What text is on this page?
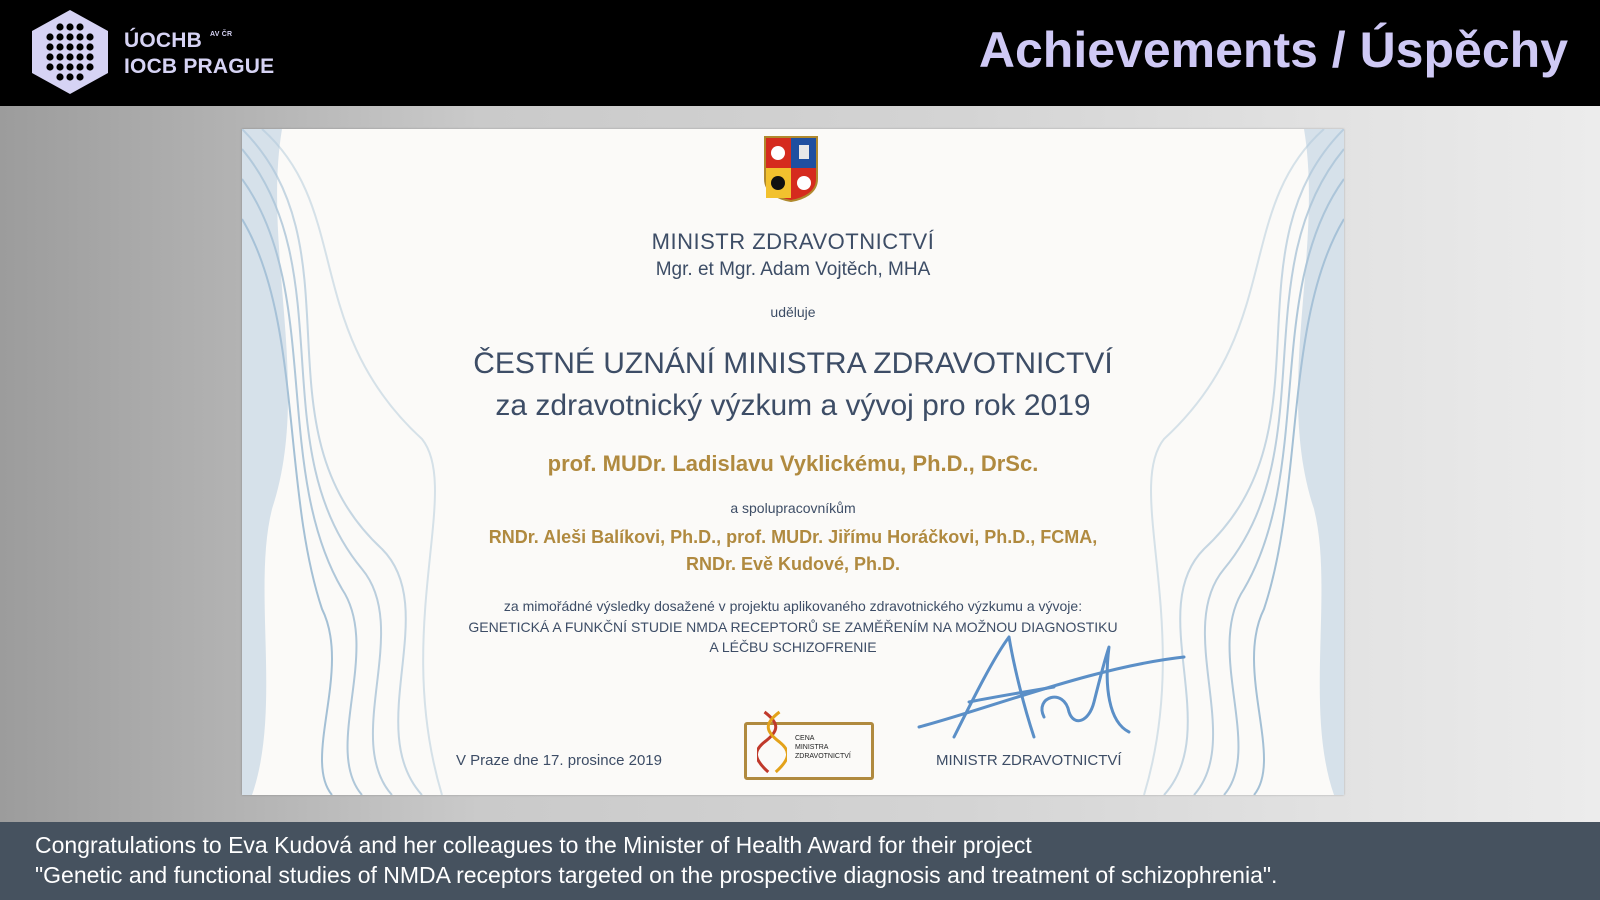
ÚOCHB	AV ČR
IOCB PRAGUE	Achievements / Úspěchy
MINISTR ZDRAVOTNICTVÍ
Mgr. et Mgr. Adam Vojtěch, MHA
uděluje
ČESTNÉ UZNÁNÍ MINISTRA ZDRAVOTNICTVÍ
za zdravotnický výzkum a vývoj pro rok 2019
prof. MUDr. Ladislavu Vyklickému, Ph.D., DrSc.
a spolupracovníkům
RNDr. Aleši Balíkovi, Ph.D., prof. MUDr. Jiřímu Horáčkovi, Ph.D., FCMA,
RNDr. Evě Kudové, Ph.D.
za mimořádné výsledky dosažené v projektu aplikovaného zdravotnického výzkumu a vývoje:
GENETICKÁ A FUNKČNÍ STUDIE NMDA RECEPTORŮ SE ZAMĚŘENÍM NA MOŽNOU DIAGNOSTIKU
A LÉČBU SCHIZOFRENIE
V Praze dne 17. prosince 2019
CENA
MINISTRA
ZDRAVOTNICTVÍ	MINISTR ZDRAVOTNICTVÍ
Congratulations to Eva Kudová and her colleagues to the Minister of Health Award for their project
"Genetic and functional studies of NMDA receptors targeted on the prospective diagnosis and treatment of schizophrenia".
